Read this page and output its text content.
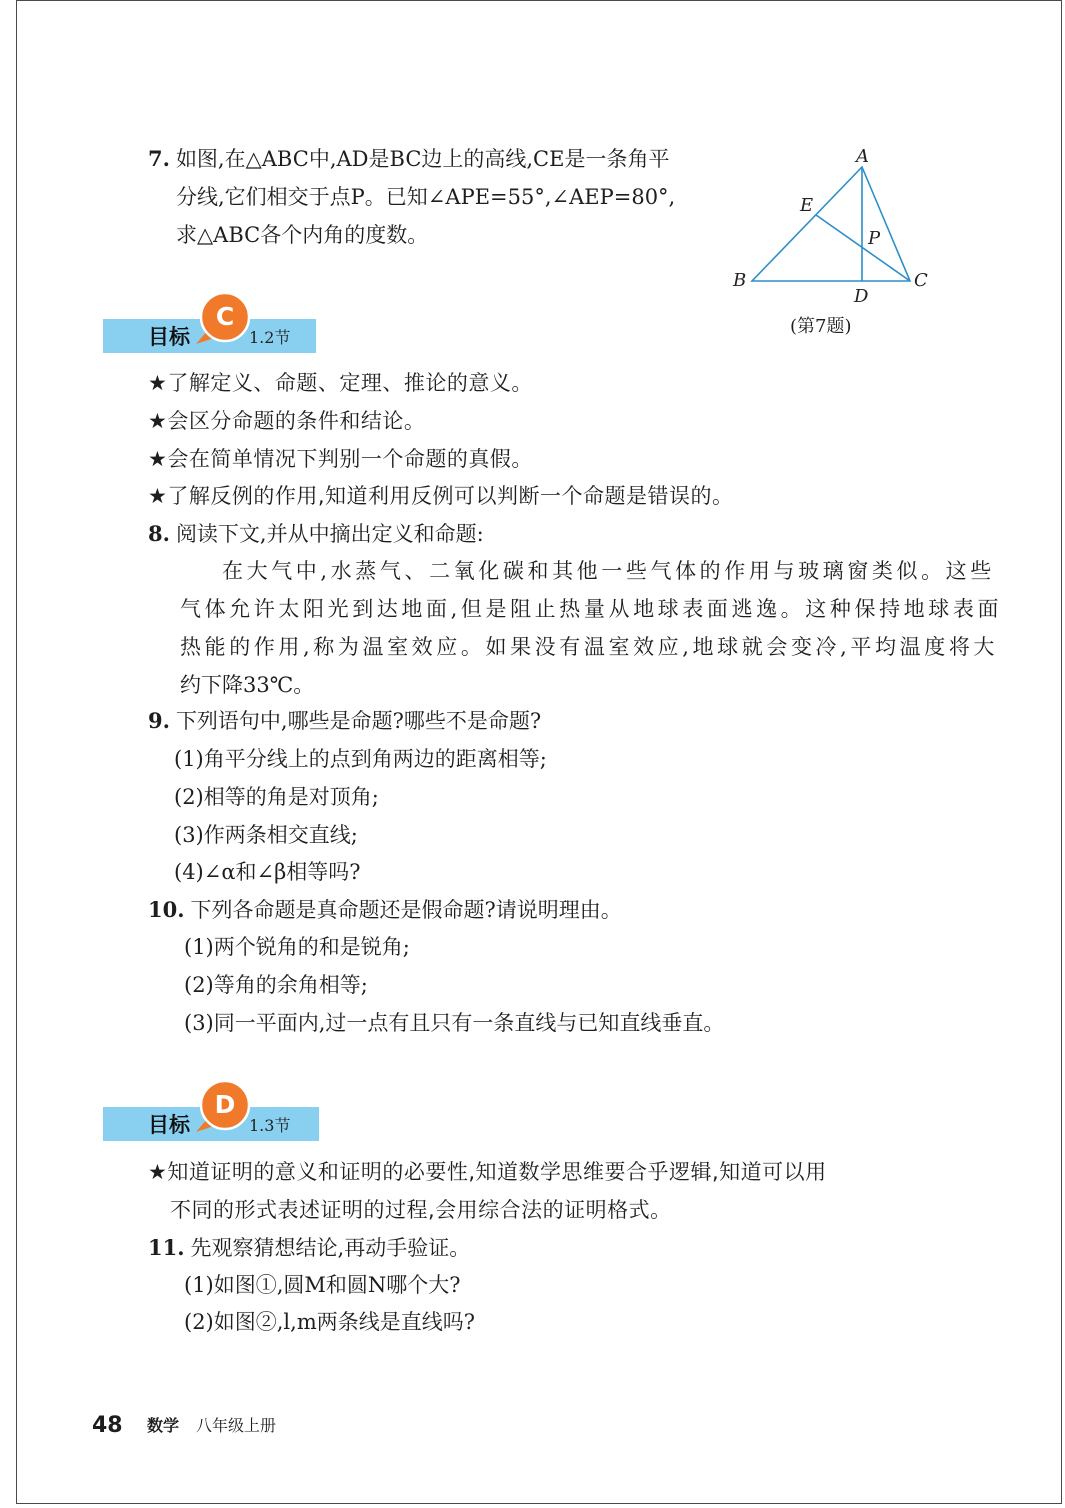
7. 如图,在△ABC中,AD是BC边上的高线,CE是一条角平
分线,它们相交于点P。已知∠APE=55°,∠AEP=80°,
求△ABC各个内角的度数。
A
B	C
D
E
P
(第7题)
目标	1.2节
C
★了解定义、命题、定理、推论的意义。
★会区分命题的条件和结论。
★会在简单情况下判别一个命题的真假。
★了解反例的作用,知道利用反例可以判断一个命题是错误的。
8. 阅读下文,并从中摘出定义和命题:
在大气中,水蒸气、二氧化碳和其他一些气体的作用与玻璃窗类似。这些
气体允许太阳光到达地面,但是阻止热量从地球表面逃逸。这种保持地球表面
热能的作用,称为温室效应。如果没有温室效应,地球就会变冷,平均温度将大
约下降33℃。
9. 下列语句中,哪些是命题?哪些不是命题?
(1)角平分线上的点到角两边的距离相等;
(2)相等的角是对顶角;
(3)作两条相交直线;
(4)∠α和∠β相等吗?
10. 下列各命题是真命题还是假命题?请说明理由。
(1)两个锐角的和是锐角;
(2)等角的余角相等;
(3)同一平面内,过一点有且只有一条直线与已知直线垂直。
目标	1.3节
D
★知道证明的意义和证明的必要性,知道数学思维要合乎逻辑,知道可以用
不同的形式表述证明的过程,会用综合法的证明格式。
11. 先观察猜想结论,再动手验证。
(1)如图①,圆M和圆N哪个大?
(2)如图②,l,m两条线是直线吗?
48 数学 八年级上册
